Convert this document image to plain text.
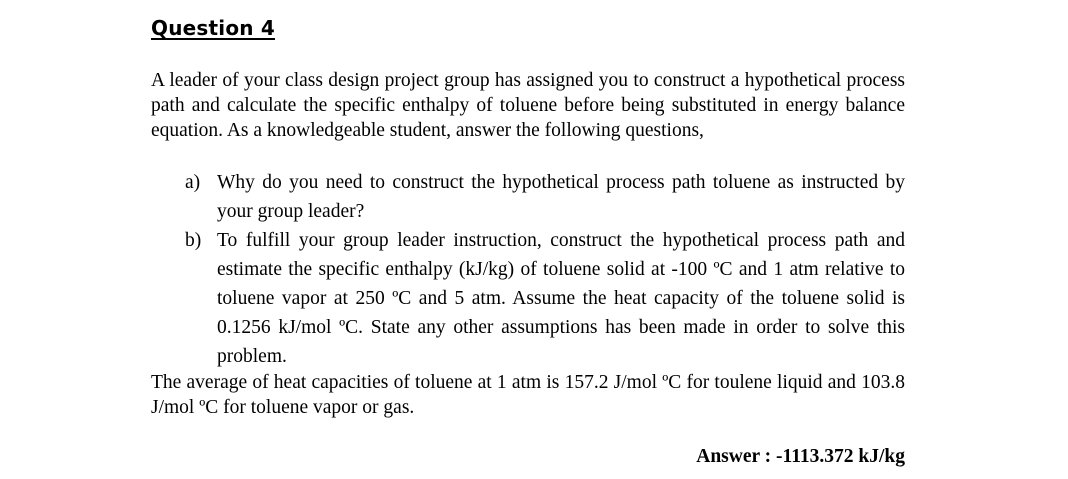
Question 4
A leader of your class design project group has assigned you to construct a hypothetical process path and calculate the specific enthalpy of toluene before being substituted in energy balance equation. As a knowledgeable student, answer the following questions,
a) Why do you need to construct the hypothetical process path toluene as instructed by your group leader?
b) To fulfill your group leader instruction, construct the hypothetical process path and estimate the specific enthalpy (kJ/kg) of toluene solid at -100 ºC and 1 atm relative to toluene vapor at 250 ºC and 5 atm. Assume the heat capacity of the toluene solid is 0.1256 kJ/mol ºC. State any other assumptions has been made in order to solve this problem.
The average of heat capacities of toluene at 1 atm is 157.2 J/mol ºC for toulene liquid and 103.8 J/mol ºC for toluene vapor or gas.
Answer : -1113.372 kJ/kg
